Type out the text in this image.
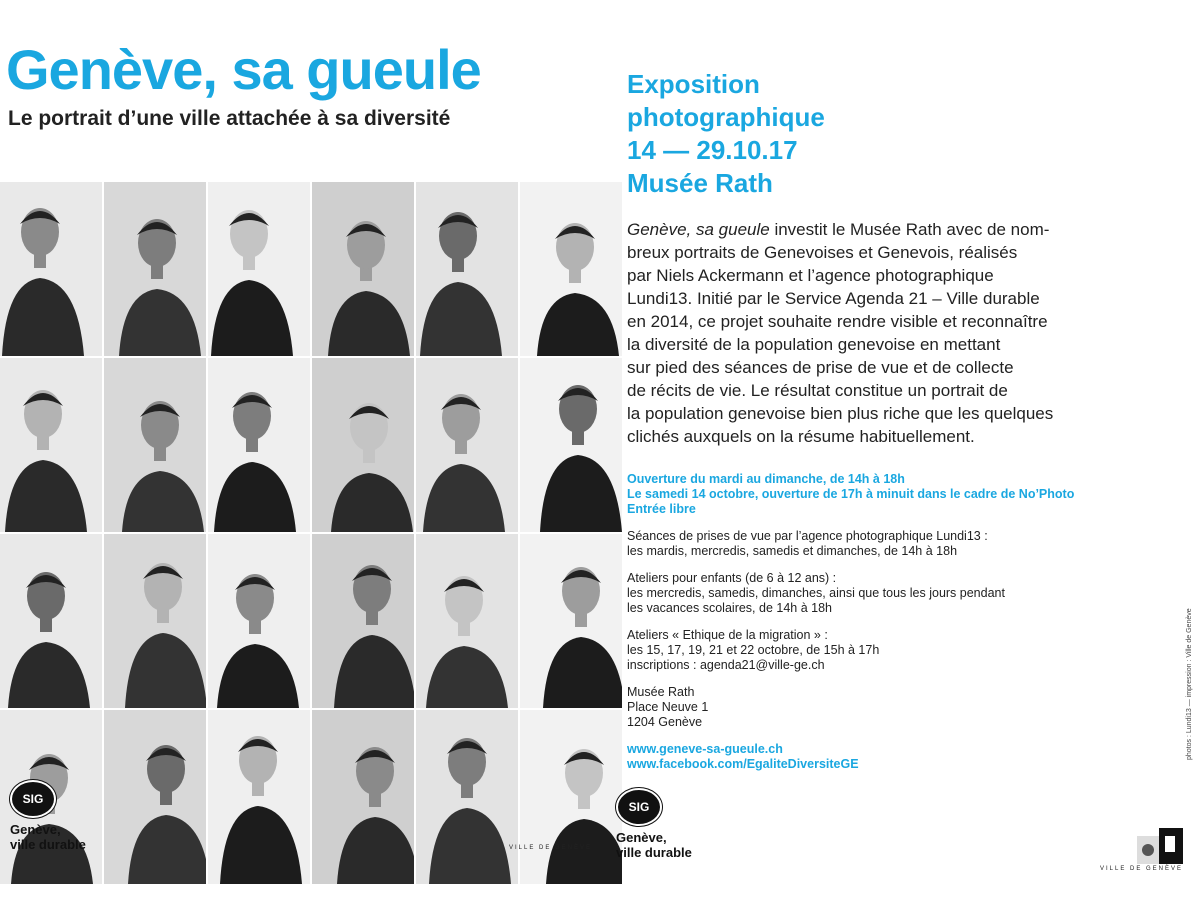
Genève, sa gueule
Le portrait d’une ville attachée à sa diversité
Exposition
photographique
14 — 29.10.17
Musée Rath
Genève, sa gueule investit le Musée Rath avec de nom-
breux portraits de Genevoises et Genevois, réalisés
par Niels Ackermann et l’agence photographique
Lundi13. Initié par le Service Agenda 21 – Ville durable
en 2014, ce projet souhaite rendre visible et reconnaître
la diversité de la population genevoise en mettant
sur pied des séances de prise de vue et de collecte
de récits de vie. Le résultat constitue un portrait de
la population genevoise bien plus riche que les quelques
clichés auxquels on la résume habituellement.
Ouverture du mardi au dimanche, de 14h à 18h
Le samedi 14 octobre, ouverture de 17h à minuit dans le cadre de No’Photo
Entrée libre
Séances de prises de vue par l’agence photographique Lundi13 :
les mardis, mercredis, samedis et dimanches, de 14h à 18h
Ateliers pour enfants (de 6 à 12 ans) :
les mercredis, samedis, dimanches, ainsi que tous les jours pendant
les vacances scolaires, de 14h à 18h
Ateliers « Ethique de la migration » :
les 15, 17, 19, 21 et 22 octobre, de 15h à 17h
inscriptions : agenda21@ville-ge.ch
Musée Rath
Place Neuve 1
1204 Genève
www.geneve-sa-gueule.ch
www.facebook.com/EgaliteDiversiteGE
SIG
Genève,
ville durable
SIG
Genève,
ville durable
VILLE DE GENÈVE
VILLE DE GENÈVE
photos : Lundi13 — impression : Ville de Genève
